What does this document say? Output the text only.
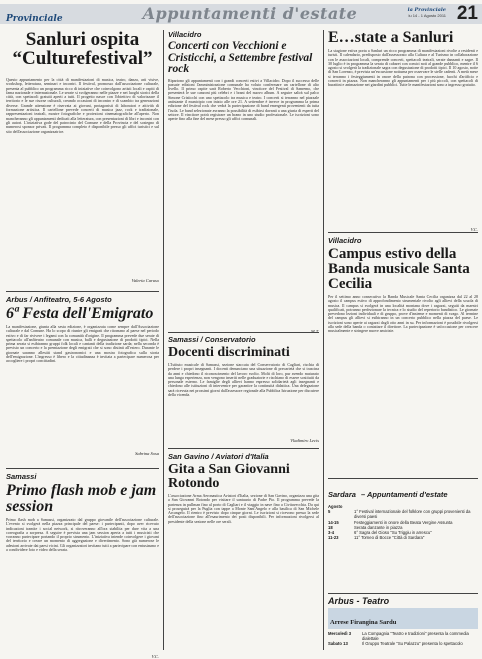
Provinciale	Appuntamenti d'estate	la Provinciale
lu 14 - 1 Agosto 2011 21
Sanluri ospita “Culturefestival”
Questo appuntamento per la città di manifestazioni di musica, teatro, danza, arti visive, workshop, letteratura, seminari e incontri. Il festival, promosso dall'associazione culturale, presenta al pubblico un programma ricco di iniziative che coinvolgono artisti locali e ospiti di fama nazionale e internazionale. Le serate si svolgeranno nelle piazze e nei luoghi storici della città, con spettacoli gratuiti aperti a tutti. Il progetto nasce con l'obiettivo di valorizzare il territorio e le sue risorse culturali, creando occasioni di incontro e di scambio tra generazioni diverse. Grande attenzione è riservata ai giovani, protagonisti di laboratori e attività di formazione artistica. Il cartellone prevede concerti di musica jazz, rock e tradizionale, rappresentazioni teatrali, mostre fotografiche e proiezioni cinematografiche all'aperto. Non mancheranno gli appuntamenti dedicati alla letteratura, con presentazioni di libri e incontri con gli autori. L'iniziativa gode del patrocinio del Comune e della Provincia e del sostegno di numerosi sponsor privati. Il programma completo è disponibile presso gli uffici turistici e sul sito dell'associazione organizzatrice.
Valeria Caruso
Arbus / Anfiteatro, 5-6 Agosto
6ª Festa dell'Emigrato
La manifestazione, giunta alla sesta edizione, è organizzata come sempre dall'Associazione culturale e dal Comune. Ha lo scopo di riunire gli emigrati che ritornano al paese nel periodo estivo e di far rivivere i legami con la comunità d'origine. Il programma prevede due serate di spettacolo all'anfiteatro comunale con musica, balli e degustazione di prodotti tipici. Nella prima serata si esibiranno gruppi folk locali e cantanti della tradizione sarda; nella seconda è previsto un concerto e la premiazione degli emigrati che si sono distinti all'estero. Durante le giornate saranno allestiti stand gastronomici e una mostra fotografica sulla storia dell'emigrazione. L'ingresso è libero e la cittadinanza è invitata a partecipare numerosa per accogliere i propri concittadini.
Sabrina Sosa
Samassi
Primo flash mob e jam session
Primo flash mob a Samassi, organizzato dal gruppo giovanile dell'associazione culturale. L'evento si svolgerà nella piazza principale del paese: i partecipanti, dopo aver ricevuto indicazioni tramite i social network, si ritroveranno all'ora stabilita per dare vita a una coreografia a sorpresa. A seguire è prevista una jam session aperta a tutti i musicisti che vorranno partecipare portando il proprio strumento. L'iniziativa intende coinvolgere i giovani del territorio e creare un momento di aggregazione e divertimento. Sono già numerose le adesioni arrivate dai paesi vicini. Gli organizzatori invitano tutti a partecipare con entusiasmo e a condividere foto e video della serata.
V.C.
Villacidro
Concerti con Vecchioni e Cristicchi, a Settembre festival rock
Ripartono gli appuntamenti con i grandi concerti estivi a Villacidro. Dopo il successo delle passate edizioni l'amministrazione comunale ha voluto confermare un cartellone di alto livello. Il primo ospite sarà Roberto Vecchioni, vincitore del Festival di Sanremo, che presenterà le sue canzoni più celebri e i brani del nuovo album. A seguire salirà sul palco Simone Cristicchi con uno spettacolo tra musica e teatro. I concerti si terranno nel piazzale antistante il municipio con inizio alle ore 21. A settembre è invece in programma la prima edizione del festival rock che vedrà la partecipazione di band emergenti provenienti da tutta l'isola. Le band selezionate avranno la possibilità di esibirsi davanti a una giuria di esperti del settore. Il vincitore potrà registrare un brano in uno studio professionale. Le iscrizioni sono aperte fino alla fine del mese presso gli uffici comunali.
M.T.
Samassi / Conservatorio
Docenti discriminati
L'Istituto musicale di Samassi, sezione staccata del Conservatorio di Cagliari, rischia di perdere i propri insegnanti. I docenti denunciano una situazione di precarietà che si trascina da anni e chiedono il riconoscimento del lavoro svolto. Molti di loro, pur avendo maturato una lunga esperienza, non vengono inseriti nelle graduatorie e rischiano di essere sostituiti da personale esterno. Le famiglie degli allievi hanno espresso solidarietà agli insegnanti e chiedono alle istituzioni di intervenire per garantire la continuità didattica. Una delegazione sarà ricevuta nei prossimi giorni dall'assessore regionale alla Pubblica Istruzione per discutere della vicenda.
Vladimiro Lecis
San Gavino / Aviatori d'Italia
Gita a San Giovanni Rotondo
L'associazione Arma Aeronautica Aviatori d'Italia, sezione di San Gavino, organizza una gita a San Giovanni Rotondo per visitare il santuario di Padre Pio. Il programma prevede la partenza in pullman fino al porto di Cagliari e il viaggio in nave fino a Civitavecchia. Da qui si proseguirà per la Puglia con tappe a Monte Sant'Angelo e alla basilica di San Michele Arcangelo. Il rientro è previsto dopo cinque giorni. Le iscrizioni si ricevono presso la sede dell'associazione fino all'esaurimento dei posti disponibili. Per informazioni rivolgersi al presidente della sezione nelle ore serali.
E…state a Sanluri
La stagione estiva porta a Sanluri un ricco programma di manifestazioni rivolte a residenti e turisti. Il calendario, predisposto dall'assessorato alla Cultura e al Turismo in collaborazione con le associazioni locali, comprende concerti, spettacoli teatrali, serate danzanti e sagre. Il 30 luglio è in programma la serata di cabaret con comici noti al grande pubblico, mentre il 6 agosto si svolgerà la tradizionale sagra con degustazione di prodotti tipici. Il 10 agosto, notte di San Lorenzo, è prevista un'escursione notturna per osservare le stelle cadenti. A metà mese si terranno i festeggiamenti in onore della patrona con processione, fuochi d'artificio e concerti in piazza. Non mancheranno gli appuntamenti per i più piccoli, con spettacoli di burattini e animazione nei giardini pubblici. Tutte le manifestazioni sono a ingresso gratuito.
V.C.
Villacidro
Campus estivo della Banda musicale Santa Cecilia
Per il settimo anno consecutivo la Banda Musicale Santa Cecilia organizza dal 22 al 28 agosto il campus estivo di approfondimento strumentale rivolto agli allievi della scuola di musica. Il campus si svolgerà in una località montana dove i ragazzi, seguiti da maestri qualificati, potranno perfezionare la tecnica e lo studio del repertorio bandistico. Le giornate prevedono lezioni individuali e di gruppo, prove d'insieme e momenti di svago. Al termine del campus gli allievi si esibiranno in un concerto pubblico nella piazza del paese. Le iscrizioni sono aperte ai ragazzi dagli otto anni in su. Per informazioni è possibile rivolgersi alla sede della banda o contattare il direttore. La partecipazione è un'occasione per crescere musicalmente e stringere nuove amicizie.
Sardara – Appuntamenti d'estate
Agosto
5	1° Festival internazionale del folklore con gruppi provenienti da diversi paesi
14-15	Festeggiamenti in onore della Beata Vergine Assunta
18	Serata danzante in piazza
3-4	6° Sagra del Gioso "Su Triggiu in arrescu"
11-23	11° Torneo di Bocce "Città di Sardara"
Arbus - Teatro
Arrese Firangina Sardu
Mercoledì 3	La Compagnia "Teatro e tradizioni" presenta la commedia dialettale
Sabato 13	Il Gruppo Teatrale "Su Palazzu" presenta lo spettacolo
